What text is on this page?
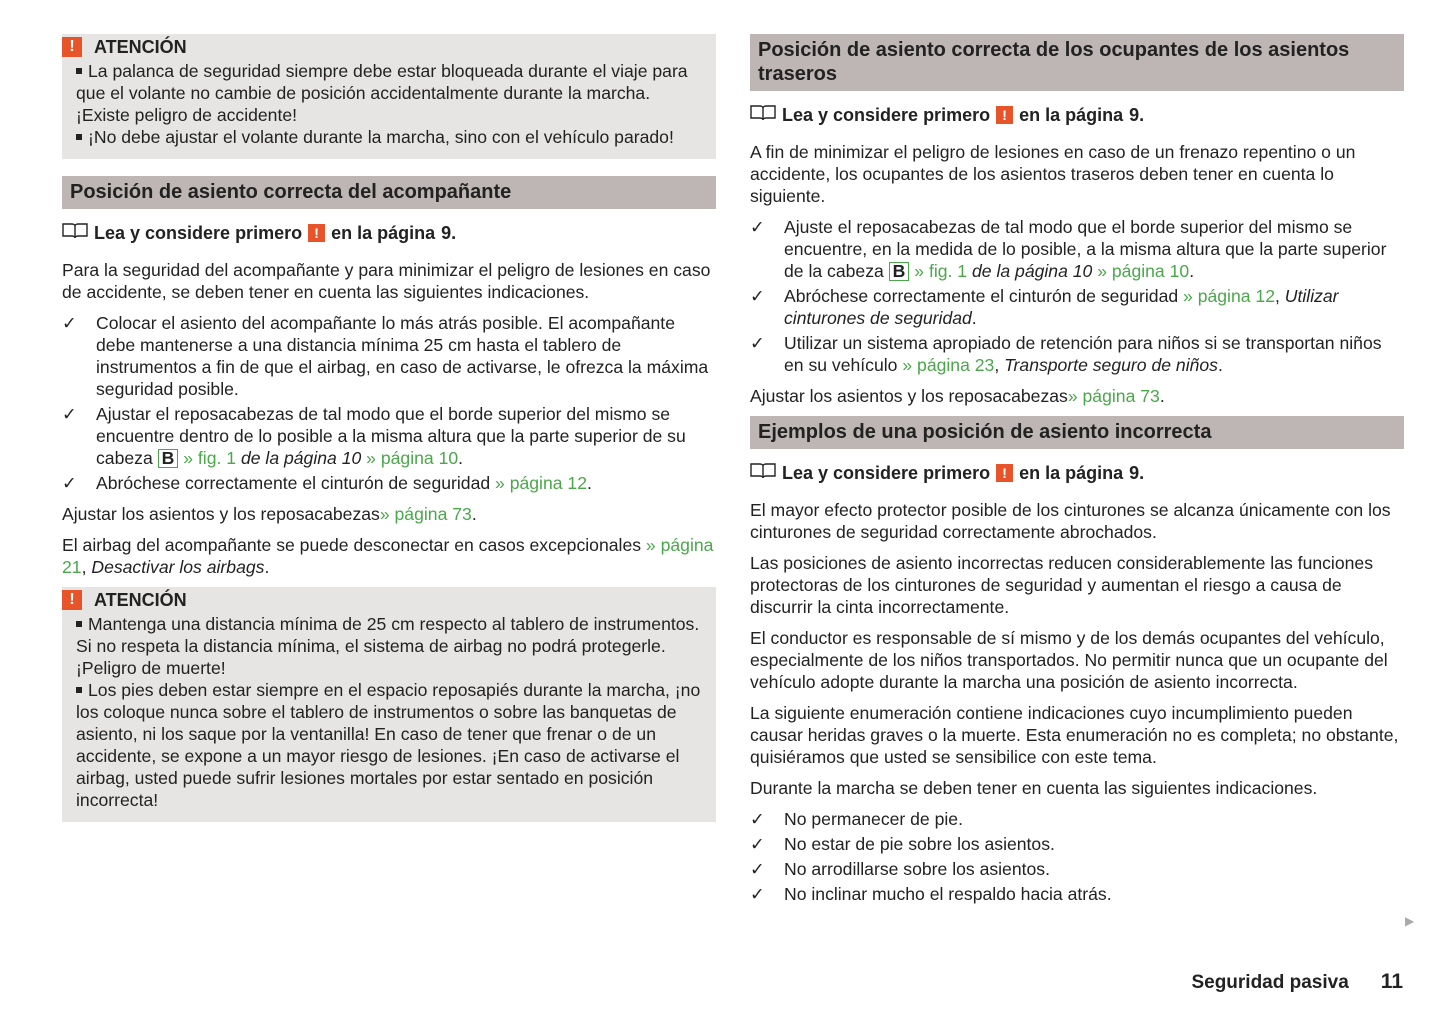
!	ATENCIÓN
La palanca de seguridad siempre debe estar bloqueada durante el viaje para que el volante no cambie de posición accidentalmente durante la marcha. ¡Existe peligro de accidente!
¡No debe ajustar el volante durante la marcha, sino con el vehículo parado!
Posición de asiento correcta del acompañante
Lea y considere primero ! en la página 9.
Para la seguridad del acompañante y para minimizar el peligro de lesiones en caso de accidente, se deben tener en cuenta las siguientes indicaciones.
✓ Colocar el asiento del acompañante lo más atrás posible. El acompañante debe mantenerse a una distancia mínima 25 cm hasta el tablero de instrumentos a fin de que el airbag, en caso de activarse, le ofrezca la máxima seguridad posible.
✓ Ajustar el reposacabezas de tal modo que el borde superior del mismo se encuentre dentro de lo posible a la misma altura que la parte superior de su cabeza B » fig. 1 de la página 10 » página 10.
✓ Abróchese correctamente el cinturón de seguridad » página 12.
Ajustar los asientos y los reposacabezas» página 73.
El airbag del acompañante se puede desconectar en casos excepcionales » página 21, Desactivar los airbags.
!	ATENCIÓN
Mantenga una distancia mínima de 25 cm respecto al tablero de instrumentos. Si no respeta la distancia mínima, el sistema de airbag no podrá protegerle. ¡Peligro de muerte!
Los pies deben estar siempre en el espacio reposapiés durante la marcha, ¡no los coloque nunca sobre el tablero de instrumentos o sobre las banquetas de asiento, ni los saque por la ventanilla! En caso de tener que frenar o de un accidente, se expone a un mayor riesgo de lesiones. ¡En caso de activarse el airbag, usted puede sufrir lesiones mortales por estar sentado en posición incorrecta!
Posición de asiento correcta de los ocupantes de los asientos traseros
Lea y considere primero ! en la página 9.
A fin de minimizar el peligro de lesiones en caso de un frenazo repentino o un accidente, los ocupantes de los asientos traseros deben tener en cuenta lo siguiente.
✓ Ajuste el reposacabezas de tal modo que el borde superior del mismo se encuentre, en la medida de lo posible, a la misma altura que la parte superior de la cabeza B » fig. 1 de la página 10 » página 10.
✓ Abróchese correctamente el cinturón de seguridad » página 12, Utilizar cinturones de seguridad.
✓ Utilizar un sistema apropiado de retención para niños si se transportan niños en su vehículo » página 23, Transporte seguro de niños.
Ajustar los asientos y los reposacabezas» página 73.
Ejemplos de una posición de asiento incorrecta
Lea y considere primero ! en la página 9.
El mayor efecto protector posible de los cinturones se alcanza únicamente con los cinturones de seguridad correctamente abrochados.
Las posiciones de asiento incorrectas reducen considerablemente las funciones protectoras de los cinturones de seguridad y aumentan el riesgo a causa de discurrir la cinta incorrectamente.
El conductor es responsable de sí mismo y de los demás ocupantes del vehículo, especialmente de los niños transportados. No permitir nunca que un ocupante del vehículo adopte durante la marcha una posición de asiento incorrecta.
La siguiente enumeración contiene indicaciones cuyo incumplimiento pueden causar heridas graves o la muerte. Esta enumeración no es completa; no obstante, quisiéramos que usted se sensibilice con este tema.
Durante la marcha se deben tener en cuenta las siguientes indicaciones.
✓ No permanecer de pie.
✓ No estar de pie sobre los asientos.
✓ No arrodillarse sobre los asientos.
✓ No inclinar mucho el respaldo hacia atrás.
▶
Seguridad pasiva 11
